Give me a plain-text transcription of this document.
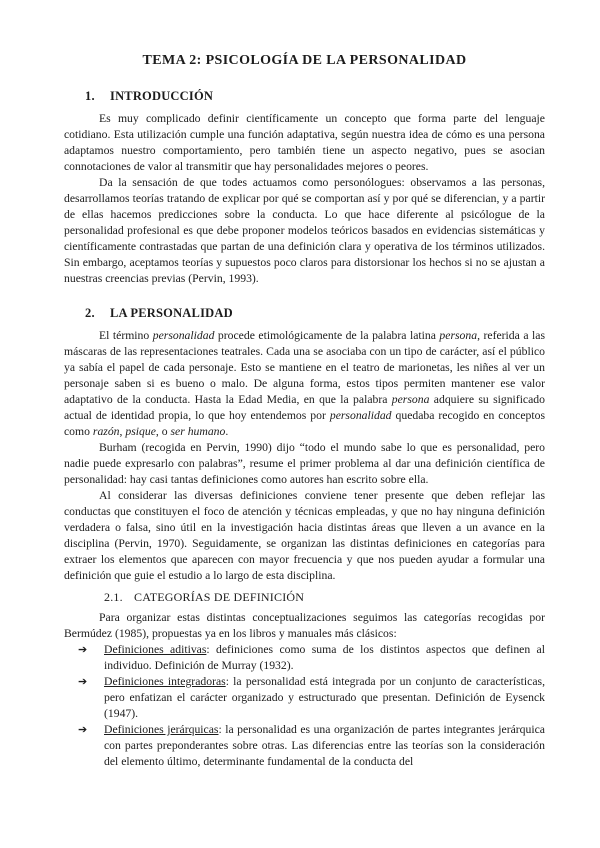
TEMA 2: PSICOLOGÍA DE LA PERSONALIDAD
1. INTRODUCCIÓN
Es muy complicado definir científicamente un concepto que forma parte del lenguaje cotidiano. Esta utilización cumple una función adaptativa, según nuestra idea de cómo es una persona adaptamos nuestro comportamiento, pero también tiene un aspecto negativo, pues se asocian connotaciones de valor al transmitir que hay personalidades mejores o peores.
Da la sensación de que todes actuamos como personólogues: observamos a las personas, desarrollamos teorías tratando de explicar por qué se comportan así y por qué se diferencian, y a partir de ellas hacemos predicciones sobre la conducta. Lo que hace diferente al psicólogue de la personalidad profesional es que debe proponer modelos teóricos basados en evidencias sistemáticas y científicamente contrastadas que partan de una definición clara y operativa de los términos utilizados. Sin embargo, aceptamos teorías y supuestos poco claros para distorsionar los hechos si no se ajustan a nuestras creencias previas (Pervin, 1993).
2. LA PERSONALIDAD
El término personalidad procede etimológicamente de la palabra latina persona, referida a las máscaras de las representaciones teatrales. Cada una se asociaba con un tipo de carácter, así el público ya sabía el papel de cada personaje. Esto se mantiene en el teatro de marionetas, les niñes al ver un personaje saben si es bueno o malo. De alguna forma, estos tipos permiten mantener ese valor adaptativo de la conducta. Hasta la Edad Media, en que la palabra persona adquiere su significado actual de identidad propia, lo que hoy entendemos por personalidad quedaba recogido en conceptos como razón, psique, o ser humano.
Burham (recogida en Pervin, 1990) dijo “todo el mundo sabe lo que es personalidad, pero nadie puede expresarlo con palabras”, resume el primer problema al dar una definición científica de personalidad: hay casi tantas definiciones como autores han escrito sobre ella.
Al considerar las diversas definiciones conviene tener presente que deben reflejar las conductas que constituyen el foco de atención y técnicas empleadas, y que no hay ninguna definición verdadera o falsa, sino útil en la investigación hacia distintas áreas que lleven a un avance en la disciplina (Pervin, 1970). Seguidamente, se organizan las distintas definiciones en categorías para extraer los elementos que aparecen con mayor frecuencia y que nos pueden ayudar a formular una definición que guie el estudio a lo largo de esta disciplina.
2.1. CATEGORÍAS DE DEFINICIÓN
Para organizar estas distintas conceptualizaciones seguimos las categorías recogidas por Bermúdez (1985), propuestas ya en los libros y manuales más clásicos:
➔ Definiciones aditivas: definiciones como suma de los distintos aspectos que definen al individuo. Definición de Murray (1932).
➔ Definiciones integradoras: la personalidad está integrada por un conjunto de características, pero enfatizan el carácter organizado y estructurado que presentan. Definición de Eysenck (1947).
➔ Definiciones jerárquicas: la personalidad es una organización de partes integrantes jerárquica con partes preponderantes sobre otras. Las diferencias entre las teorías son la consideración del elemento último, determinante fundamental de la conducta del
